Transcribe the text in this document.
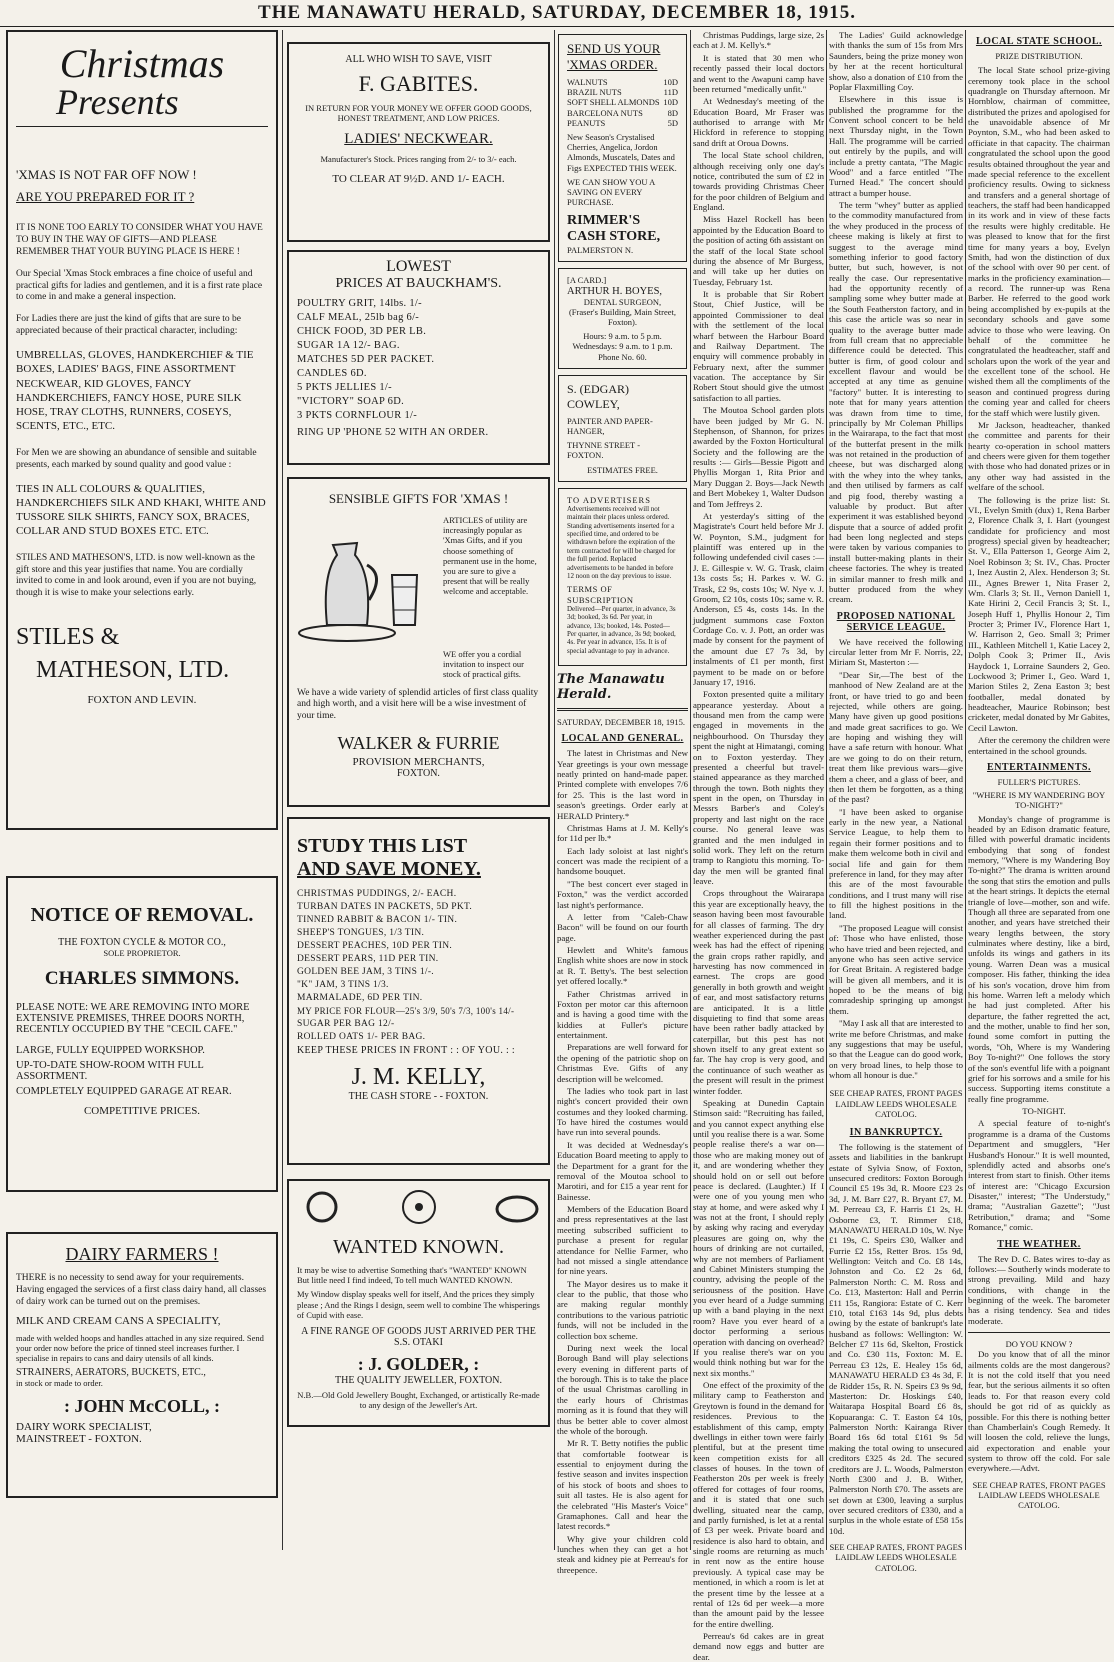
THE MANAWATU HERALD, SATURDAY, DECEMBER 18, 1915.
Christmas
Presents
'XMAS IS NOT FAR OFF NOW !
ARE YOU PREPARED FOR IT ?

IT IS NONE TOO EARLY TO CONSIDER WHAT YOU HAVE TO BUY IN THE WAY OF GIFTS—AND PLEASE REMEMBER THAT YOUR BUYING PLACE IS HERE !

Our Special 'Xmas Stock embraces a fine choice of useful and practical gifts for ladies and gentlemen, and it is a first rate place to come in and make a general inspection.

For Ladies there are just the kind of gifts that are sure to be appreciated because of their practical character, including:

UMBRELLAS, GLOVES, HANDKERCHIEF & TIE BOXES, LADIES' BAGS, FINE ASSORTMENT NECKWEAR, KID GLOVES, FANCY HANDKERCHIEFS, FANCY HOSE, PURE SILK HOSE, TRAY CLOTHS, RUNNERS, COSEYS, SCENTS, ETC., ETC.

For Men we are showing an abundance of sensible and suitable presents, each marked by sound quality and good value :

TIES IN ALL COLOURS & QUALITIES, HANDKERCHIEFS SILK AND KHAKI, WHITE AND TUSSORE SILK SHIRTS, FANCY SOX, BRACES, COLLAR AND STUD BOXES ETC. ETC.

STILES AND MATHESON'S, LTD. is now well-known as the gift store and this year justifies that name. You are cordially invited to come in and look around, even if you are not buying, though it is wise to make your selections early.

STILES &
MATHESON, LTD.
FOXTON AND LEVIN.
NOTICE OF REMOVAL.
THE FOXTON CYCLE & MOTOR CO.,
SOLE PROPRIETOR.
CHARLES SIMMONS.

PLEASE NOTE: WE ARE REMOVING INTO MORE EXTENSIVE PREMISES, THREE DOORS NORTH, RECENTLY OCCUPIED BY THE "CECIL CAFE."

LARGE, FULLY EQUIPPED WORKSHOP.

UP-TO-DATE SHOW-ROOM WITH FULL ASSORTMENT.

COMPLETELY EQUIPPED GARAGE AT REAR.

COMPETITIVE PRICES.
DAIRY FARMERS !

THERE is no necessity to send away for your requirements. Having engaged the services of a first class dairy hand, all classes of dairy work can be turned out on the premises.

MILK AND CREAM CANS A SPECIALITY,

made with welded hoops and handles attached in any size required. Send your order now before the price of tinned steel increases further. I specialise in repairs to cans and dairy utensils of all kinds.

STRAINERS, AERATORS, BUCKETS, ETC.,
in stock or made to order.
: JOHN McCOLL, :
DAIRY WORK SPECIALIST,
MAINSTREET - FOXTON.
ALL WHO WISH TO SAVE, VISIT
F. GABITES.
IN RETURN FOR YOUR MONEY WE OFFER GOOD GOODS, HONEST TREATMENT, AND LOW PRICES.
LADIES' NECKWEAR.
Manufacturer's Stock. Prices ranging from 2/- to 3/- each.
TO CLEAR AT 9½D. AND 1/- EACH.
LOWEST
PRICES AT BAUCKHAM'S.
POULTRY GRIT, 14lbs. 1/-
CALF MEAL, 25lb bag 6/-
CHICK FOOD, 3D PER LB.
SUGAR 1A 12/- BAG.
MATCHES 5D PER PACKET.
CANDLES 6D.
5 PKTS JELLIES 1/-
"VICTORY" SOAP 6D.
3 PKTS CORNFLOUR 1/-
RING UP 'PHONE 52 WITH AN ORDER.
SENSIBLE GIFTS FOR 'XMAS !

ARTICLES of utility are increasingly popular as 'Xmas Gifts, and if you choose something of permanent use in the home, you are sure to give a present that will be really welcome and acceptable.

WE offer you a cordial invitation to inspect our stock of practical gifts.

We have a wide variety of splendid articles of first class quality and high worth, and a visit here will be a wise investment of your time.

WALKER & FURRIE
PROVISION MERCHANTS,
FOXTON.
STUDY THIS LIST
AND SAVE MONEY.
CHRISTMAS PUDDINGS, 2/- EACH.
TURBAN DATES IN PACKETS, 5D PKT.
TINNED RABBIT & BACON 1/- TIN.
SHEEP'S TONGUES, 1/3 TIN.
DESSERT PEACHES, 10D PER TIN.
DESSERT PEARS, 11D PER TIN.
GOLDEN BEE JAM, 3 TINS 1/-.
"K" JAM, 3 TINS 1/3.
MARMALADE, 6D PER TIN.
MY PRICE FOR FLOUR—25's 3/9, 50's 7/3, 100's 14/-
SUGAR PER BAG 12/-
ROLLED OATS 1/- PER BAG.
KEEP THESE PRICES IN FRONT : : OF YOU. : :
J. M. KELLY,
THE CASH STORE - - FOXTON.
WANTED KNOWN.

It may be wise to advertise Something that's "WANTED" KNOWN But little need I find indeed, To tell much WANTED KNOWN.

My Window display speaks well for itself, And the prices they simply please ; And the Rings I design, seem well to combine The whisperings of Cupid with ease.

A FINE RANGE OF GOODS JUST ARRIVED PER THE S.S. OTAKI
: J. GOLDER, :
THE QUALITY JEWELLER, FOXTON.

N.B.—Old Gold Jewellery Bought, Exchanged, or artistically Re-made to any design of the Jeweller's Art.

SEND US YOUR 'XMAS ORDER.
WALNUTS	10D
BRAZIL NUTS	11D
SOFT SHELL ALMONDS 10D
BARCELONA NUTS	8D
PEANUTS	5D

New Season's Crystalised Cherries, Angelica, Jordon Almonds, Muscatels, Dates and Figs EXPECTED THIS WEEK.

WE CAN SHOW YOU A SAVING ON EVERY PURCHASE.

RIMMER'S CASH STORE,
PALMERSTON N.
[A CARD.]
ARTHUR H. BOYES,
DENTAL SURGEON,
(Fraser's Building, Main Street, Foxton).
Hours: 9 a.m. to 5 p.m. Wednesdays: 9 a.m. to 1 p.m. Phone No. 60.
S. (EDGAR) COWLEY,
PAINTER AND PAPER-HANGER,
THYNNE STREET - FOXTON.
ESTIMATES FREE.
TO ADVERTISERS

Advertisements received will not maintain their places unless ordered. Standing advertisements inserted for a specified time, and ordered to be withdrawn before the expiration of the term contracted for will be charged for the full period. Replaced advertisements to be handed in before 12 noon on the day previous to issue.

TERMS OF SUBSCRIPTION

Delivered—Per quarter, in advance, 3s 3d; booked, 3s 6d. Per year, in advance, 13s; booked, 14s. Posted—Per quarter, in advance, 3s 9d; booked, 4s. Per year in advance, 15s. It is of special advantage to pay in advance.

The Manawatu Herald.
SATURDAY, DECEMBER 18, 1915.
LOCAL AND GENERAL.

The latest in Christmas and New Year greetings is your own message neatly printed on hand-made paper. Printed complete with envelopes 7/6 for 25. This is the last word in season's greetings. Order early at HERALD Printery.*

Christmas Hams at J. M. Kelly's for 11d per lb.*

Each lady soloist at last night's concert was made the recipient of a handsome bouquet.

"The best concert ever staged in Foxton," was the verdict accorded last night's performance.

A letter from "Caleb-Chaw Bacon" will be found on our fourth page.

Hewlett and White's famous English white shoes are now in stock at R. T. Betty's. The best selection yet offered locally.*

Father Christmas arrived in Foxton per motor car this afternoon and is having a good time with the kiddies at Fuller's picture entertainment.

Preparations are well forward for the opening of the patriotic shop on Christmas Eve. Gifts of any description will be welcomed.

The ladies who took part in last night's concert provided their own costumes and they looked charming. To have hired the costumes would have run into several pounds.

It was decided at Wednesday's Education Board meeting to apply to the Department for a grant for the removal of the Moutoa school to Marotiri, and for £15 a year rent for Bainesse.

Members of the Education Board and press representatives at the last meeting subscribed sufficient to purchase a present for regular attendance for Nellie Farmer, who had not missed a single attendance for nine years.

The Mayor desires us to make it clear to the public, that those who are making regular monthly contributions to the various patriotic funds, will not be included in the collection box scheme.

During next week the local Borough Band will play selections every evening in different parts of the borough. This is to take the place of the usual Christmas carolling in the early hours of Christmas morning as it is found that they will thus be better able to cover almost the whole of the borough.

Mr R. T. Betty notifies the public that comfortable footwear is essential to enjoyment during the festive season and invites inspection of his stock of boots and shoes to suit all tastes. He is also agent for the celebrated "His Master's Voice" Gramaphones. Call and hear the latest records.*

Why give your children cold lunches when they can get a hot steak and kidney pie at Perreau's for threepence.

Christmas Puddings, large size, 2s each at J. M. Kelly's.*

It is stated that 30 men who recently passed their local doctors and went to the Awapuni camp have been returned "medically unfit."

At Wednesday's meeting of the Education Board, Mr Fraser was authorised to arrange with Mr Hickford in reference to stopping sand drift at Oroua Downs.

The local State school children, although receiving only one day's notice, contributed the sum of £2 in towards providing Christmas Cheer for the poor children of Belgium and England.

Miss Hazel Rockell has been appointed by the Education Board to the position of acting 6th assistant on the staff of the local State school during the absence of Mr Burgess, and will take up her duties on Tuesday, February 1st.

It is probable that Sir Robert Stout, Chief Justice, will be appointed Commissioner to deal with the settlement of the local wharf between the Harbour Board and Railway Department. The enquiry will commence probably in February next, after the summer vacation. The acceptance by Sir Robert Stout should give the utmost satisfaction to all parties.

The Moutoa School garden plots have been judged by Mr G. N. Stephenson, of Shannon, for prizes awarded by the Foxton Horticultural Society and the following are the results :— Girls—Bessie Pigott and Phyllis Morgan 1, Rita Prior and Mary Duggan 2. Boys—Jack Newth and Bert Mobekey 1, Walter Dudson and Tom Jeffreys 2.

At yesterday's sitting of the Magistrate's Court held before Mr J. W. Poynton, S.M., judgment for plaintiff was entered up in the following undefended civil cases :— J. E. Gillespie v. W. G. Trask, claim 13s costs 5s; H. Parkes v. W. G. Trask, £2 9s, costs 10s; W. Nye v. J. Groom, £2 10s, costs 10s; same v. R. Anderson, £5 4s, costs 14s. In the judgment summons case Foxton Cordage Co. v. J. Pott, an order was made by consent for the payment of the amount due £7 7s 3d, by instalments of £1 per month, first payment to be made on or before January 17, 1916.

Foxton presented quite a military appearance yesterday. About a thousand men from the camp were engaged in movements in the neighbourhood. On Thursday they spent the night at Himatangi, coming on to Foxton yesterday. They presented a cheerful but travel-stained appearance as they marched through the town. Both nights they spent in the open, on Thursday in Messrs Barber's and Coley's property and last night on the race course. No general leave was granted and the men indulged in solid work. They left on the return tramp to Rangiotu this morning. To-day the men will be granted final leave.

Crops throughout the Wairarapa this year are exceptionally heavy, the season having been most favourable for all classes of farming. The dry weather experienced during the past week has had the effect of ripening the grain crops rather rapidly, and harvesting has now commenced in earnest. The crops are good generally in both growth and weight of ear, and most satisfactory returns are anticipated. It is a little disquieting to find that some areas have been rather badly attacked by caterpillar, but this pest has not shown itself to any great extent so far. The hay crop is very good, and the continuance of such weather as the present will result in the primest winter fodder.

Speaking at Dunedin Captain Stimson said: "Recruiting has failed, and you cannot expect anything else until you realise there is a war. Some people realise there's a war on—those who are making money out of it, and are wondering whether they should hold on or sell out before peace is declared. (Laughter.) If I were one of you young men who stay at home, and were asked why I was not at the front, I should reply by asking why racing and everyday pleasures are going on, why the hours of drinking are not curtailed, why are not members of Parliament and Cabinet Ministers stumping the country, advising the people of the seriousness of the position. Have you ever heard of a Judge summing up with a band playing in the next room? Have you ever heard of a doctor performing a serious operation with dancing on overhead? If you realise there's war on you would think nothing but war for the next six months."

One effect of the proximity of the military camp to Featherston and Greytown is found in the demand for residences. Previous to the establishment of this camp, empty dwellings in either town were fairly plentiful, but at the present time keen competition exists for all classes of houses. In the town of Featherston 20s per week is freely offered for cottages of four rooms, and it is stated that one such dwelling, situated near the camp, and partly furnished, is let at a rental of £3 per week. Private board and residence is also hard to obtain, and single rooms are returning as much in rent now as the entire house previously. A typical case may be mentioned, in which a room is let at the present time by the lessee at a rental of 12s 6d per week—a more than the amount paid by the lessee for the entire dwelling.

Perreau's 6d cakes are in great demand now eggs and butter are dear.

The Ladies' Guild acknowledge with thanks the sum of 15s from Mrs Saunders, being the prize money won by her at the recent horticultural show, also a donation of £10 from the Poplar Flaxmilling Coy.

Elsewhere in this issue is published the programme for the Convent school concert to be held next Thursday night, in the Town Hall. The programme will be carried out entirely by the pupils, and will include a pretty cantata, "The Magic Wood" and a farce entitled "The Turned Head." The concert should attract a bumper house.

The term "whey" butter as applied to the commodity manufactured from the whey produced in the process of cheese making is likely at first to suggest to the average mind something inferior to good factory butter, but such, however, is not really the case. Our representative had the opportunity recently of sampling some whey butter made at the South Featherston factory, and in this case the article was so near in quality to the average butter made from full cream that no appreciable difference could be detected. This butter is firm, of good colour and excellent flavour and would be accepted at any time as genuine "factory" butter. It is interesting to note that for many years attention was drawn from time to time, principally by Mr Coleman Phillips in the Wairarapa, to the fact that most of the butterfat present in the milk was not retained in the production of cheese, but was discharged along with the whey into the whey tanks, and then utilised by farmers as calf and pig food, thereby wasting a valuable by product. But after experiment it was established beyond dispute that a source of added profit had been long neglected and steps were taken by various companies to install butter-making plants in their cheese factories. The whey is treated in similar manner to fresh milk and butter produced from the whey cream.

PROPOSED NATIONAL SERVICE LEAGUE.

We have received the following circular letter from Mr F. Norris, 22, Miriam St, Masterton :—

"Dear Sir,—The best of the manhood of New Zealand are at the front, or have tried to go and been rejected, while others are going. Many have given up good positions and made great sacrifices to go. We are hoping and wishing they will have a safe return with honour. What are we going to do on their return, treat them like previous wars—give them a cheer, and a glass of beer, and then let them be forgotten, as a thing of the past?

"I have been asked to organise early in the new year, a National Service League, to help them to regain their former positions and to make them welcome both in civil and social life and gain for them preference in land, for they may after this are of the most favourable conditions, and I trust many will rise to fill the highest positions in the land.

"The proposed League will consist of: Those who have enlisted, those who have tried and been rejected, and anyone who has seen active service for Great Britain. A registered badge will be given all members, and it is hoped to be the means of big comradeship springing up amongst them.

"May I ask all that are interested to write me before Christmas, and make any suggestions that may be useful, so that the League can do good work, on very broad lines, to help those to whom all honour is due."

SEE CHEAP RATES, FRONT PAGES LAIDLAW LEEDS WHOLESALE CATOLOG.
IN BANKRUPTCY.

The following is the statement of assets and liabilities in the bankrupt estate of Sylvia Snow, of Foxton, unsecured creditors: Foxton Borough Council £5 19s 3d, R. Moore £23 2s 3d, J. M. Barr £27, R. Bryant £7, M. M. Perreau £3, F. Harris £1 2s, H. Osborne £3, T. Rimmer £18, MANAWATU HERALD 10s, W. Nye £1 19s, C. Speirs £30, Walker and Furrie £2 15s, Retter Bros. 15s 9d, Wellington: Veitch and Co. £8 14s, Johnston and Co. £2 2s 6d, Palmerston North: C. M. Ross and Co. £13, Masterton: Hall and Perrin £11 15s, Rangiora: Estate of C. Kerr £10, total £163 14s 9d, plus debts owing by the estate of bankrupt's late husband as follows: Wellington: W. Belcher £7 11s 6d, Skelton, Frostick and Co. £30 11s, Foxton: M. E. Perreau £3 12s, E. Healey 15s 6d, MANAWATU HERALD £3 4s 3d, F. de Ridder 15s, R. N. Speirs £3 9s 9d, Masterton: Dr. Hoskings £40, Waitarapa Hospital Board £6 8s, Kopuaranga: C. T. Easton £4 10s, Palmerston North: Kairanga River Board 16s 6d total £161 9s 5d making the total owing to unsecured creditors £325 4s 2d. The secured creditors are J. L. Woods, Palmerston North £300 and J. B. Wither, Palmerston North £70. The assets are set down at £300, leaving a surplus over secured creditors of £330, and a surplus in the whole estate of £58 15s 10d.

SEE CHEAP RATES, FRONT PAGES LAIDLAW LEEDS WHOLESALE CATOLOG.
LOCAL STATE SCHOOL.
PRIZE DISTRIBUTION.

The local State school prize-giving ceremony took place in the school quadrangle on Thursday afternoon. Mr Hornblow, chairman of committee, distributed the prizes and apologised for the unavoidable absence of Mr Poynton, S.M., who had been asked to officiate in that capacity. The chairman congratulated the school upon the good results obtained throughout the year and made special reference to the excellent proficiency results. Owing to sickness and transfers and a general shortage of teachers, the staff had been handicapped in its work and in view of these facts the results were highly creditable. He was pleased to know that for the first time for many years a boy, Evelyn Smith, had won the distinction of dux of the school with over 90 per cent. of marks in the proficiency examination—a record. The runner-up was Rena Barber. He referred to the good work being accomplished by ex-pupils at the secondary schools and gave some advice to those who were leaving. On behalf of the committee he congratulated the headteacher, staff and scholars upon the work of the year and the excellent tone of the school. He wished them all the compliments of the season and continued progress during the coming year and called for cheers for the staff which were lustily given.

Mr Jackson, headteacher, thanked the committee and parents for their hearty co-operation in school matters and cheers were given for them together with those who had donated prizes or in any other way had assisted in the welfare of the school.

The following is the prize list: St. VI., Evelyn Smith (dux) 1, Rena Barber 2, Florence Chalk 3, I. Hart (youngest candidate for proficiency and most progress) special given by headteacher; St. V., Ella Patterson 1, George Aim 2, Noel Robinson 3; St. IV., Chas. Procter 1, Inez Austin 2, Alex. Henderson 3; St. III., Agnes Brewer 1, Nita Fraser 2, Wm. Clarls 3; St. II., Vernon Daniell 1, Kate Hirini 2, Cecil Francis 3; St. I., Joseph Huff 1, Phyllis Honour 2, Tim Procter 3; Primer IV., Florence Hart 1, W. Harrison 2, Geo. Small 3; Primer III., Kathleen Mitchell 1, Katie Lacey 2, Dolph Cook 3; Primer II., Avis Haydock 1, Lorraine Saunders 2, Geo. Lockwood 3; Primer I., Geo. Ward 1, Marion Stiles 2, Zena Easton 3; best footballer, medal donated by headteacher, Maurice Robinson; best cricketer, medal donated by Mr Gabites, Cecil Lawton.

After the ceremony the children were entertained in the school grounds.

ENTERTAINMENTS.
FULLER'S PICTURES.
"WHERE IS MY WANDERING BOY TO-NIGHT?"

Monday's change of programme is headed by an Edison dramatic feature, filled with powerful dramatic incidents embodying that song of fondest memory, "Where is my Wandering Boy To-night?" The drama is written around the song that stirs the emotion and pulls at the heart strings. It depicts the eternal triangle of love—mother, son and wife. Though all three are separated from one another, and years have stretched their weary lengths between, the story culminates where destiny, like a bird, unfolds its wings and gathers in its young. Warren Dean was a musical composer. His father, thinking the idea of his son's vocation, drove him from his home. Warren left a melody which he had just completed. After his departure, the father regretted the act, and the mother, unable to find her son, found some comfort in putting the words, "Oh, Where is my Wandering Boy To-night?" One follows the story of the son's eventful life with a poignant grief for his sorrows and a smile for his success. Supporting items constitute a really fine programme.

TO-NIGHT.

A special feature of to-night's programme is a drama of the Customs Department and smugglers, "Her Husband's Honour." It is well mounted, splendidly acted and absorbs one's interest from start to finish. Other items of interest are: "Chicago Excursion Disaster," interest; "The Understudy," drama; "Australian Gazette"; "Just Retribution," drama; and "Some Romance," comic.

THE WEATHER.

The Rev D. C. Bates wires to-day as follows:— Southerly winds moderate to strong prevailing. Mild and hazy conditions, with change in the beginning of the week. The barometer has a rising tendency. Sea and tides moderate.

DO YOU KNOW ?

Do you know that of all the minor ailments colds are the most dangerous? It is not the cold itself that you need fear, but the serious ailments it so often leads to. For that reason every cold should be got rid of as quickly as possible. For this there is nothing better than Chamberlain's Cough Remedy. It will loosen the cold, relieve the lungs, aid expectoration and enable your system to throw off the cold. For sale everywhere.—Advt.

SEE CHEAP RATES, FRONT PAGES LAIDLAW LEEDS WHOLESALE CATOLOG.
